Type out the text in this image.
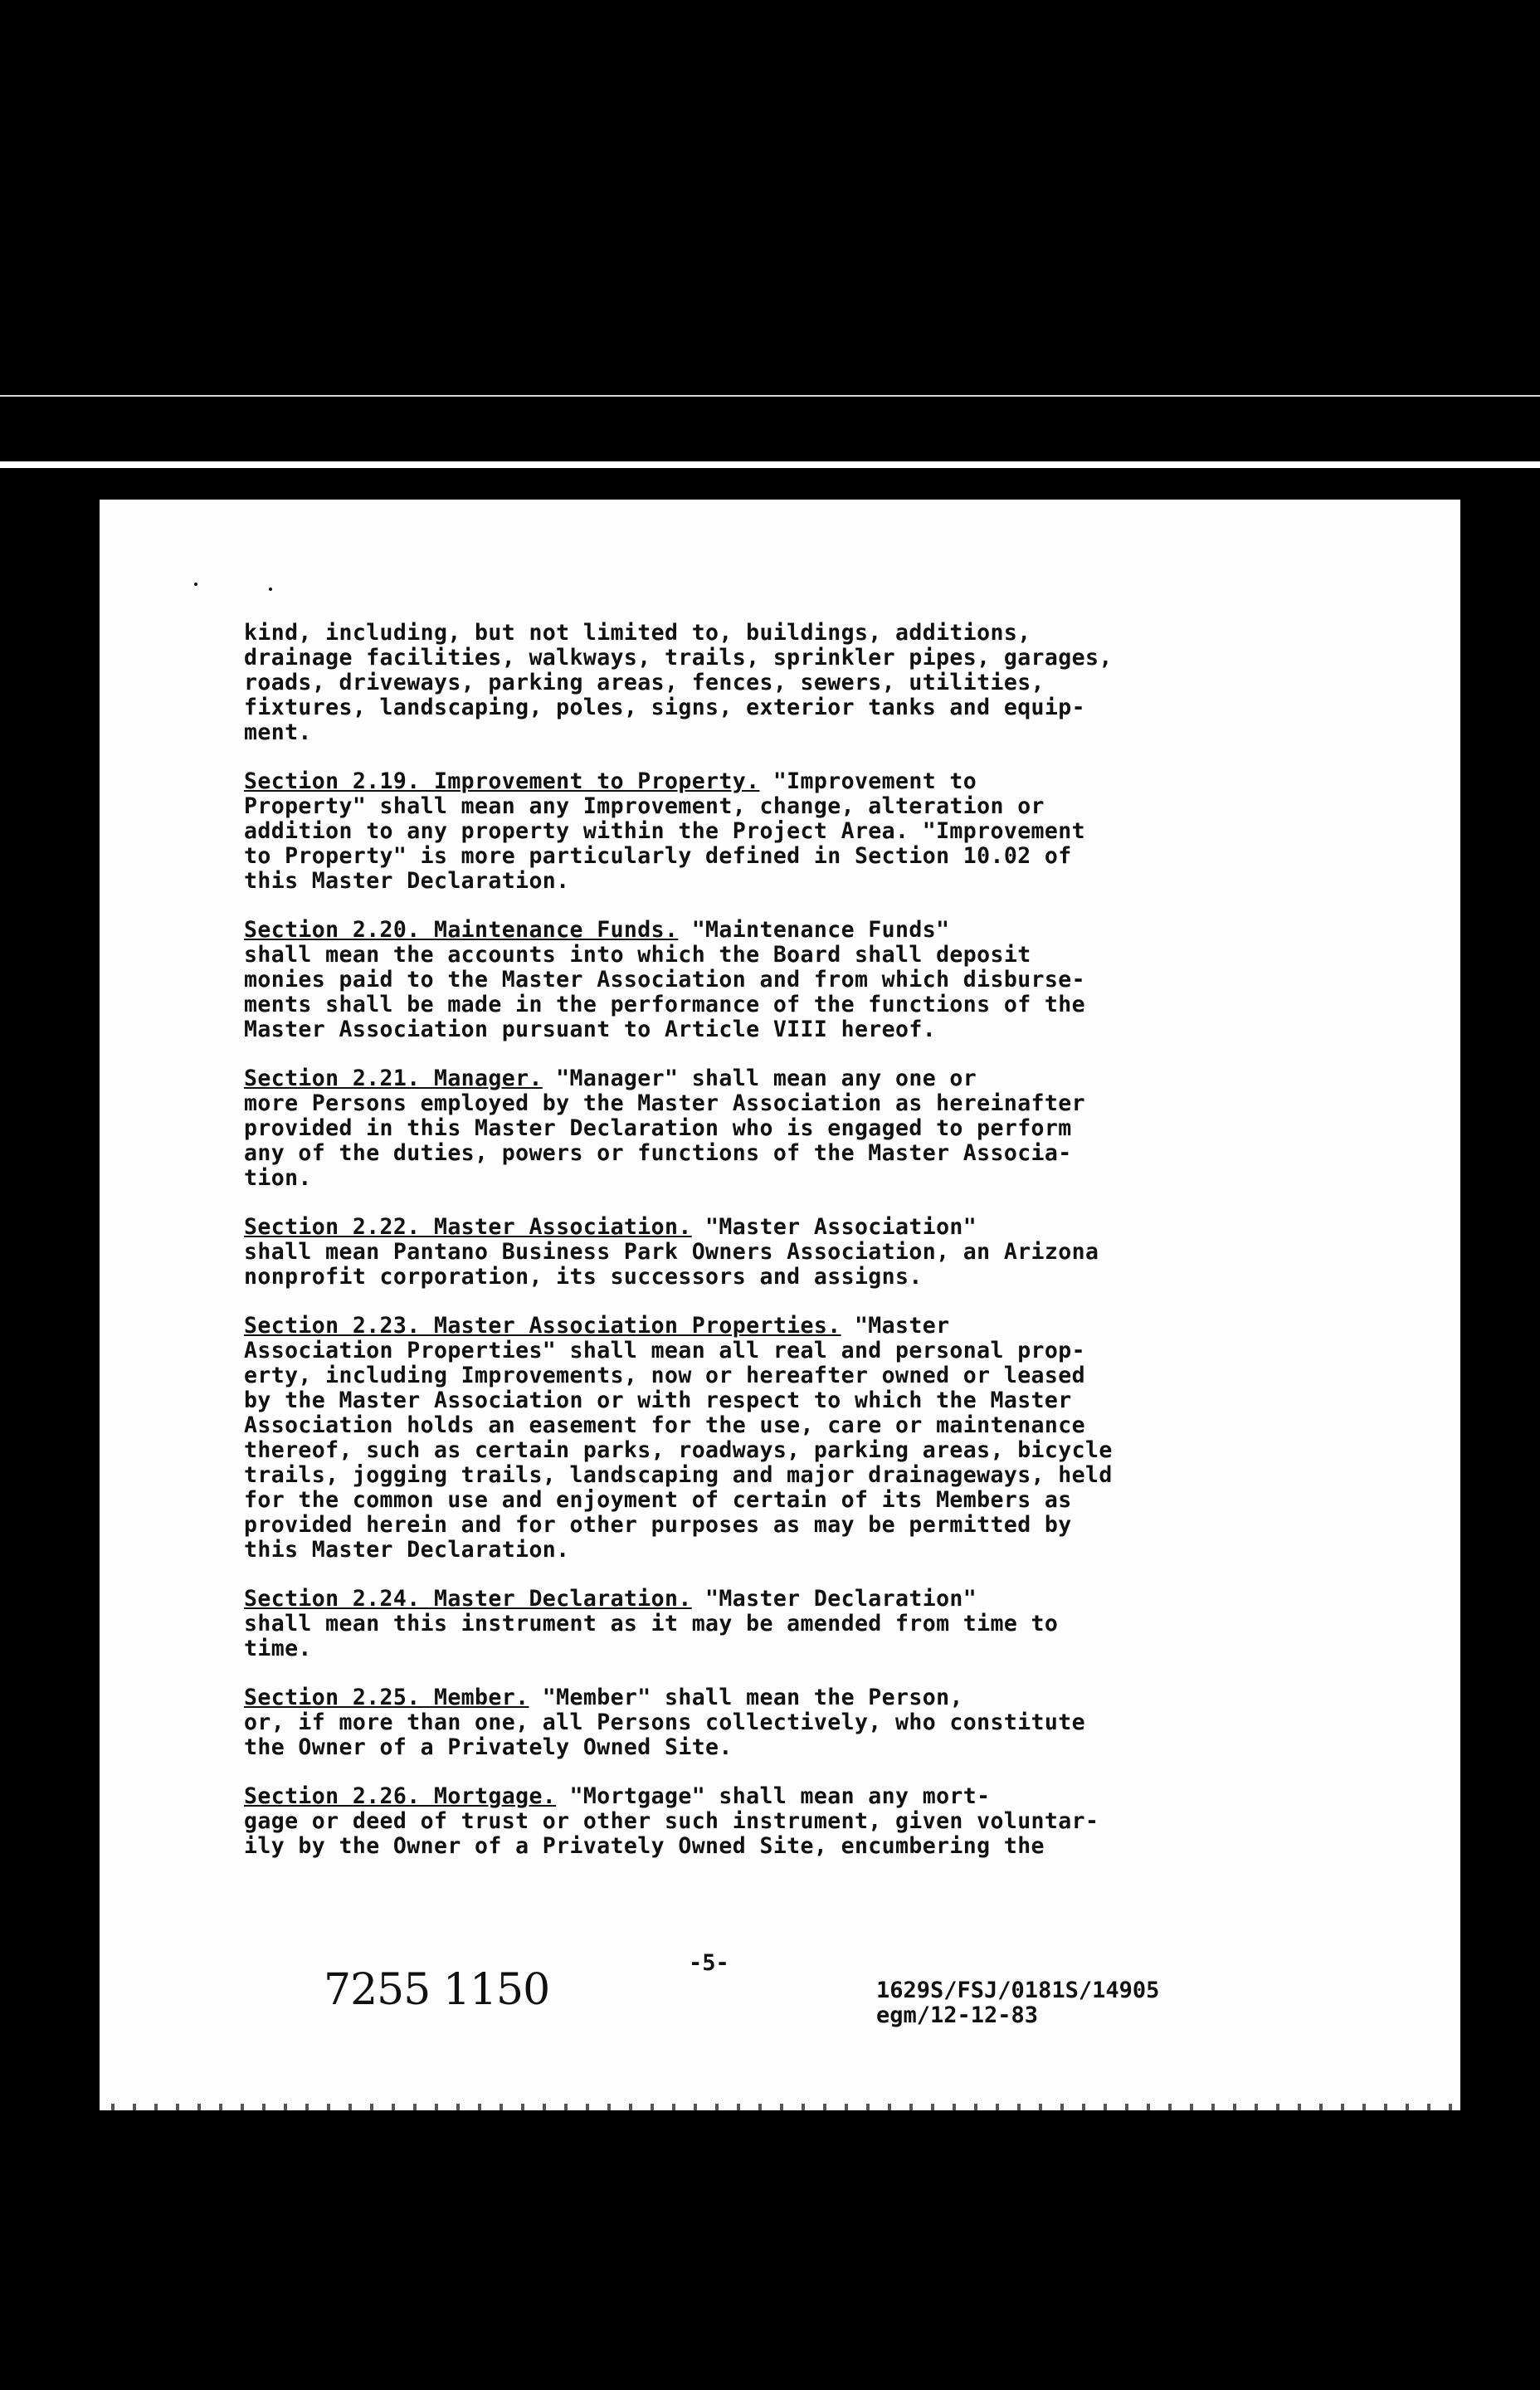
kind, including, but not limited to, buildings, additions,
drainage facilities, walkways, trails, sprinkler pipes, garages,
roads, driveways, parking areas, fences, sewers, utilities,
fixtures, landscaping, poles, signs, exterior tanks and equip-
ment.

Section 2.19. Improvement to Property. "Improvement to
Property" shall mean any Improvement, change, alteration or
addition to any property within the Project Area. "Improvement
to Property" is more particularly defined in Section 10.02 of
this Master Declaration.

Section 2.20. Maintenance Funds. "Maintenance Funds"
shall mean the accounts into which the Board shall deposit
monies paid to the Master Association and from which disburse-
ments shall be made in the performance of the functions of the
Master Association pursuant to Article VIII hereof.

Section 2.21. Manager. "Manager" shall mean any one or
more Persons employed by the Master Association as hereinafter
provided in this Master Declaration who is engaged to perform
any of the duties, powers or functions of the Master Associa-
tion.

Section 2.22. Master Association. "Master Association"
shall mean Pantano Business Park Owners Association, an Arizona
nonprofit corporation, its successors and assigns.

Section 2.23. Master Association Properties. "Master
Association Properties" shall mean all real and personal prop-
erty, including Improvements, now or hereafter owned or leased
by the Master Association or with respect to which the Master
Association holds an easement for the use, care or maintenance
thereof, such as certain parks, roadways, parking areas, bicycle
trails, jogging trails, landscaping and major drainageways, held
for the common use and enjoyment of certain of its Members as
provided herein and for other purposes as may be permitted by
this Master Declaration.

Section 2.24. Master Declaration. "Master Declaration"
shall mean this instrument as it may be amended from time to
time.

Section 2.25. Member. "Member" shall mean the Person,
or, if more than one, all Persons collectively, who constitute
the Owner of a Privately Owned Site.

Section 2.26. Mortgage. "Mortgage" shall mean any mort-
gage or deed of trust or other such instrument, given voluntar-
ily by the Owner of a Privately Owned Site, encumbering the

-5-
7255 1150	1629S/FSJ/0181S/14905
egm/12-12-83
